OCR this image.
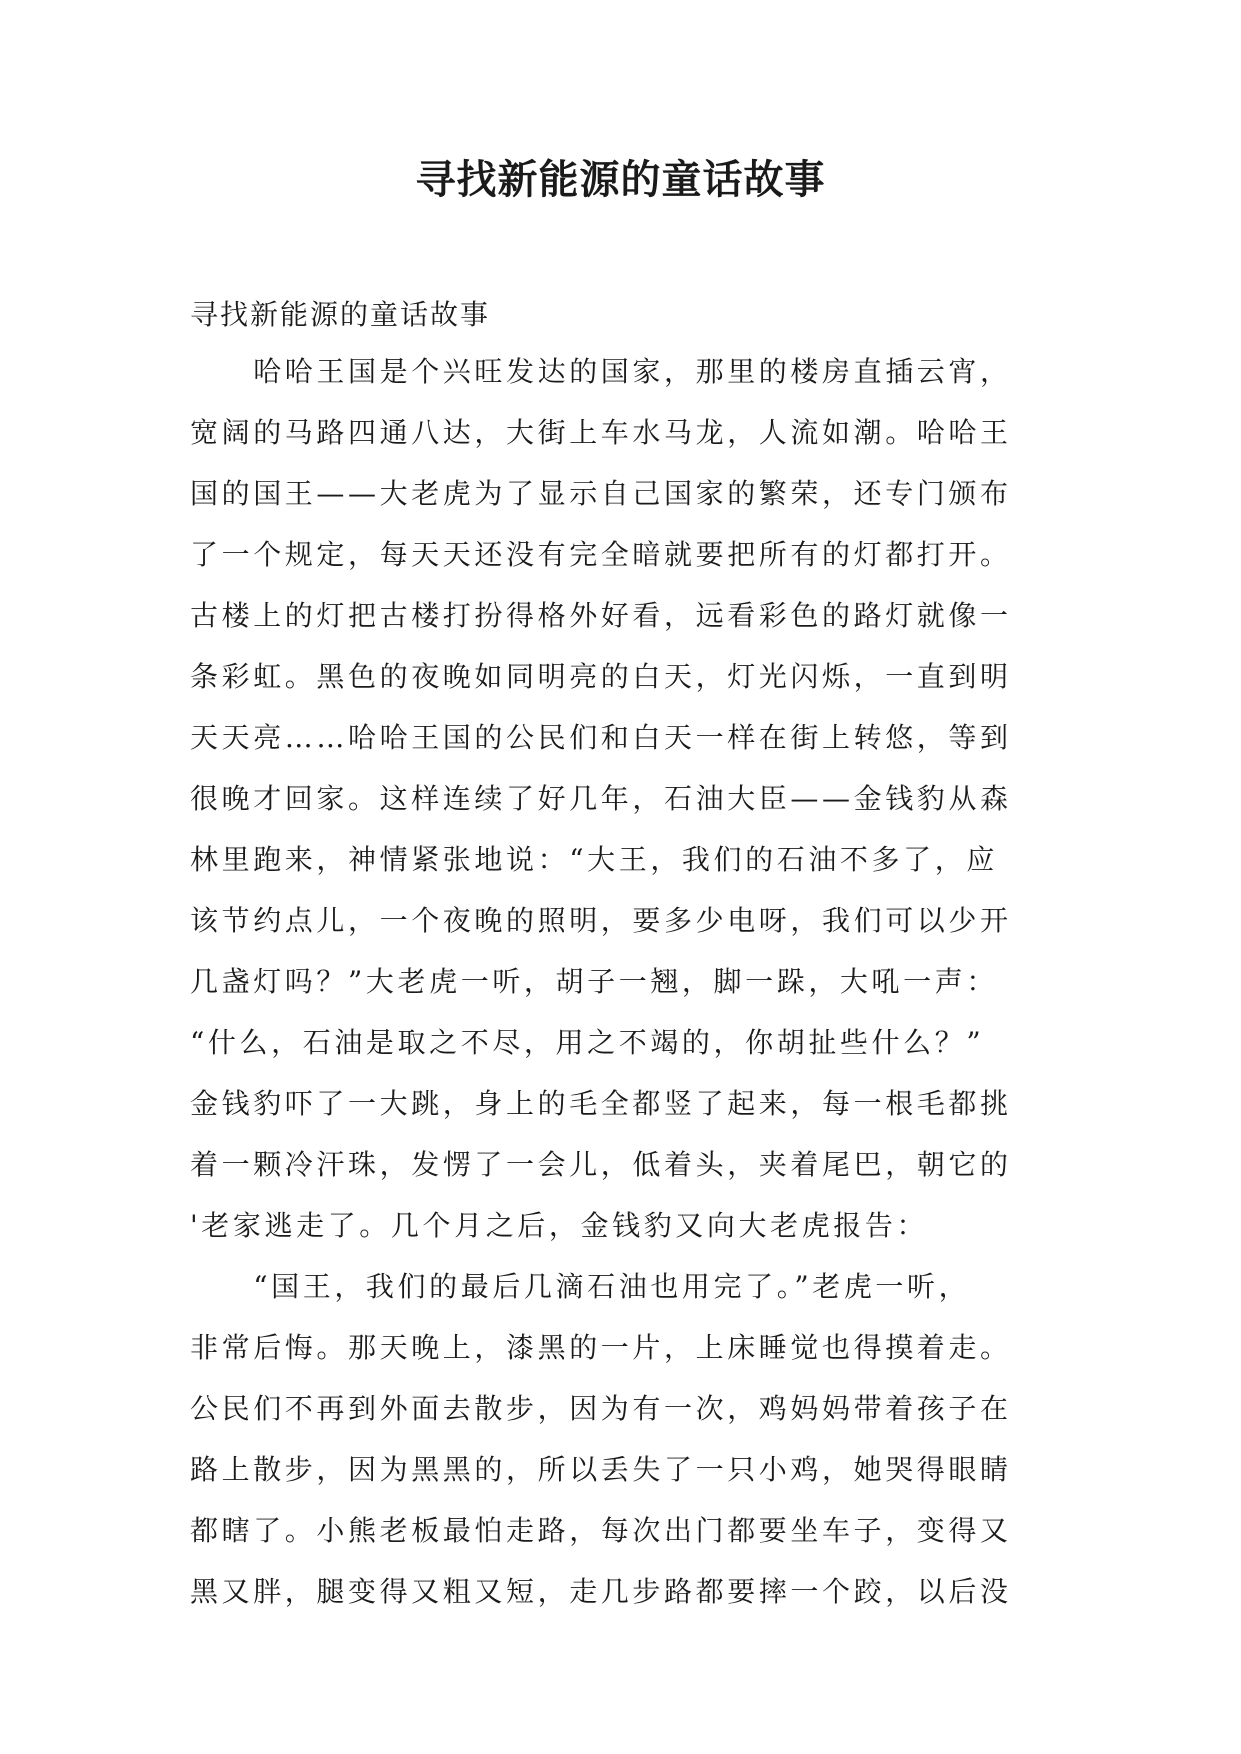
寻找新能源的童话故事

寻找新能源的童话故事

　　哈哈王国是个兴旺发达的国家，那里的楼房直插云宵，
宽阔的马路四通八达，大街上车水马龙，人流如潮。哈哈王
国的国王——大老虎为了显示自己国家的繁荣，还专门颁布
了一个规定，每天天还没有完全暗就要把所有的灯都打开。
古楼上的灯把古楼打扮得格外好看，远看彩色的路灯就像一
条彩虹。黑色的夜晚如同明亮的白天，灯光闪烁，一直到明
天天亮……哈哈王国的公民们和白天一样在街上转悠，等到
很晚才回家。这样连续了好几年，石油大臣——金钱豹从森
林里跑来，神情紧张地说：“大王，我们的石油不多了，应
该节约点儿，一个夜晚的照明，要多少电呀，我们可以少开
几盏灯吗？”大老虎一听，胡子一翘，脚一跺，大吼一声：
“什么，石油是取之不尽，用之不竭的，你胡扯些什么？”
金钱豹吓了一大跳，身上的毛全都竖了起来，每一根毛都挑
着一颗冷汗珠，发愣了一会儿，低着头，夹着尾巴，朝它的
'老家逃走了。几个月之后，金钱豹又向大老虎报告：
　　“国王，我们的最后几滴石油也用完了。”老虎一听，
非常后悔。那天晚上，漆黑的一片，上床睡觉也得摸着走。
公民们不再到外面去散步，因为有一次，鸡妈妈带着孩子在
路上散步，因为黑黑的，所以丢失了一只小鸡，她哭得眼睛
都瞎了。小熊老板最怕走路，每次出门都要坐车子，变得又
黑又胖，腿变得又粗又短，走几步路都要摔一个跤，以后没
